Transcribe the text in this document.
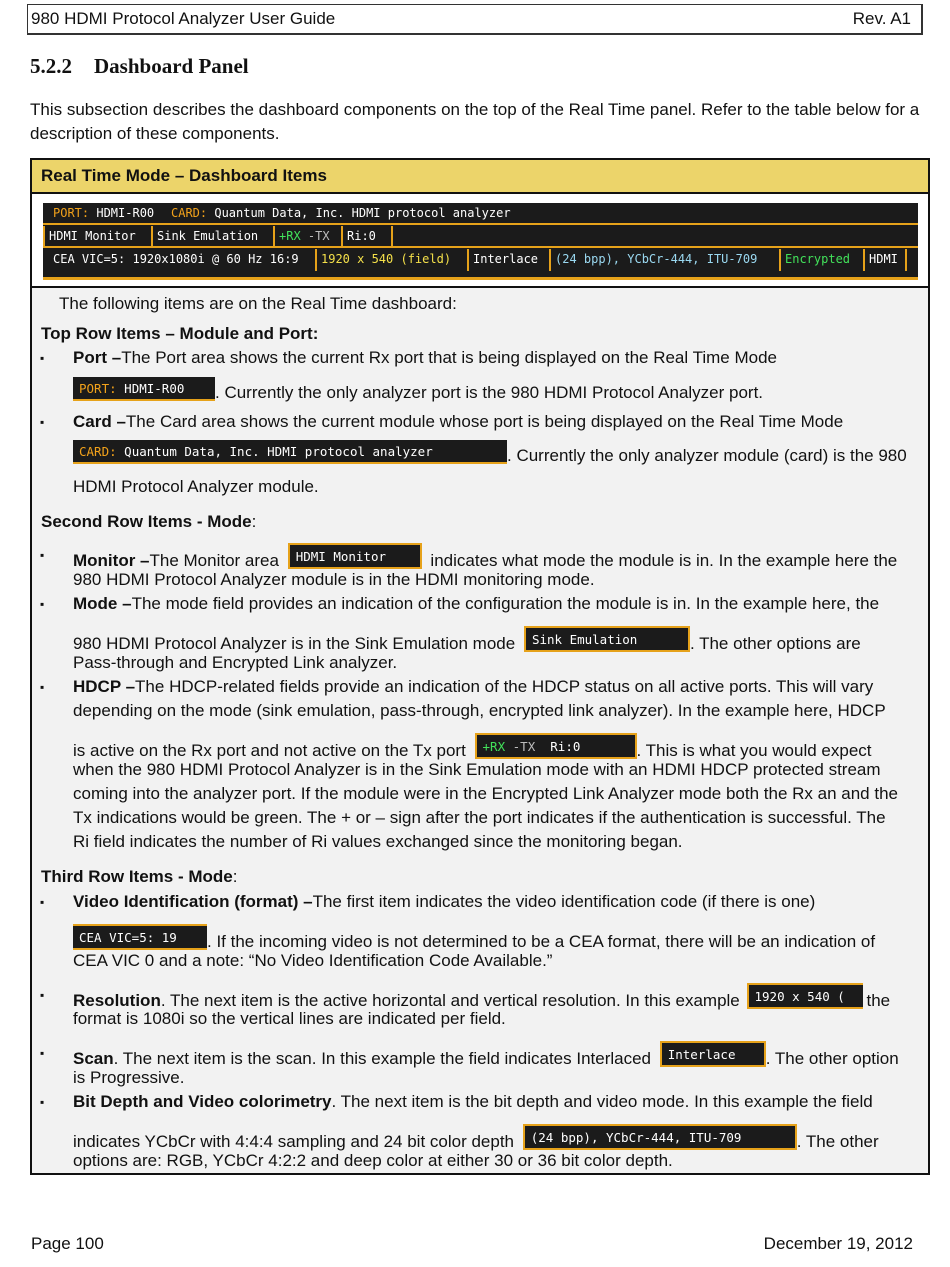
980 HDMI Protocol Analyzer User Guide	Rev. A1
5.2.2 Dashboard Panel
This subsection describes the dashboard components on the top of the Real Time panel. Refer to the table below for a description of these components.
Real Time Mode – Dashboard Items
PORT: HDMI-R00	CARD: Quantum Data, Inc. HDMI protocol analyzer
HDMI Monitor	Sink Emulation	+RX -TX	Ri:0
CEA VIC=5: 1920x1080i @ 60 Hz 16:9	1920 x 540 (field)	Interlace	(24 bpp), YCbCr-444, ITU-709	Encrypted	HDMI
The following items are on the Real Time dashboard:
Top Row Items – Module and Port:
▪ Port –The Port area shows the current Rx port that is being displayed on the Real Time Mode
PORT: HDMI-R00 . Currently the only analyzer port is the 980 HDMI Protocol Analyzer port.
▪ Card –The Card area shows the current module whose port is being displayed on the Real Time Mode
CARD: Quantum Data, Inc. HDMI protocol analyzer	. Currently the only analyzer module (card) is the 980
HDMI Protocol Analyzer module.
Second Row Items - Mode:
▪ Monitor –The Monitor area HDMI Monitor	indicates what mode the module is in. In the example here the
980 HDMI Protocol Analyzer module is in the HDMI monitoring mode.
▪ Mode –The mode field provides an indication of the configuration the module is in. In the example here, the
980 HDMI Protocol Analyzer is in the Sink Emulation mode Sink Emulation	. The other options are
Pass-through and Encrypted Link analyzer.
▪ HDCP –The HDCP-related fields provide an indication of the HDCP status on all active ports. This will vary
depending on the mode (sink emulation, pass-through, encrypted link analyzer). In the example here, HDCP
is active on the Rx port and not active on the Tx port +RX -TX Ri:0	. This is what you would expect
when the 980 HDMI Protocol Analyzer is in the Sink Emulation mode with an HDMI HDCP protected stream
coming into the analyzer port. If the module were in the Encrypted Link Analyzer mode both the Rx an and the
Tx indications would be green. The + or – sign after the port indicates if the authentication is successful. The
Ri field indicates the number of Ri values exchanged since the monitoring began.
Third Row Items - Mode:
▪ Video Identification (format) –The first item indicates the video identification code (if there is one)
CEA VIC=5: 19 . If the incoming video is not determined to be a CEA format, there will be an indication of
CEA VIC 0 and a note: “No Video Identification Code Available.”
▪ Resolution. The next item is the active horizontal and vertical resolution. In this example 1920 x 540 ( the
format is 1080i so the vertical lines are indicated per field.
▪ Scan. The next item is the scan. In this example the field indicates Interlaced Interlace . The other option
is Progressive.
▪ Bit Depth and Video colorimetry. The next item is the bit depth and video mode. In this example the field
indicates YCbCr with 4:4:4 sampling and 24 bit color depth (24 bpp), YCbCr-444, ITU-709	. The other
options are: RGB, YCbCr 4:2:2 and deep color at either 30 or 36 bit color depth.
Page 100	December 19, 2012
